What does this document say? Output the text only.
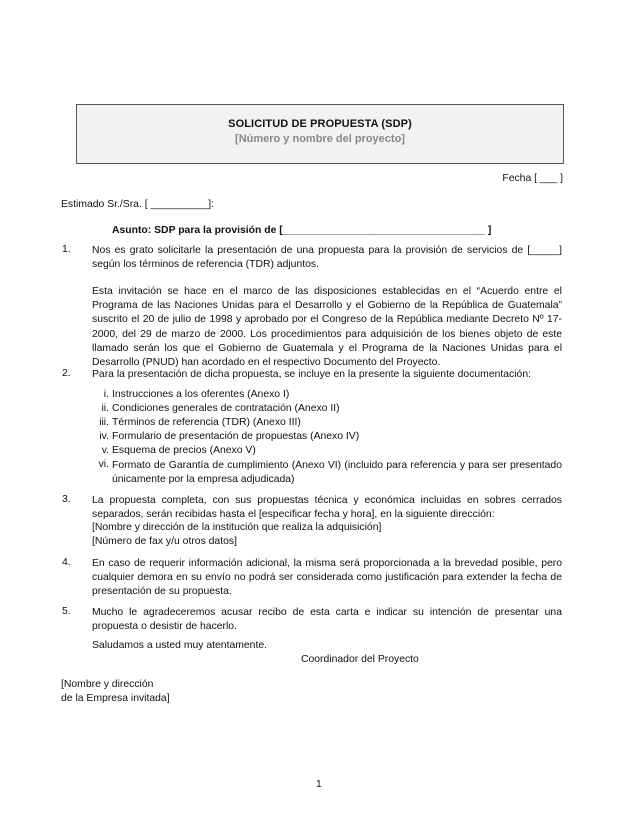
SOLICITUD DE PROPUESTA (SDP)
[Número y nombre del proyecto]
Fecha [ ___ ]
Estimado Sr./Sra. [ __________]:
Asunto: SDP para la provisión de [___________________________________ ]
1. Nos es grato solicitarle la presentación de una propuesta para la provisión de servicios de [_____] según los términos de referencia (TDR) adjuntos.
Esta invitación se hace en el marco de las disposiciones establecidas en el “Acuerdo entre el Programa de las Naciones Unidas para el Desarrollo y el Gobierno de la República de Guatemala” suscrito el 20 de julio de 1998 y aprobado por el Congreso de la República mediante Decreto Nº 17-2000, del 29 de marzo de 2000. Los procedimientos para adquisición de los bienes objeto de este llamado serán los que el Gobierno de Guatemala y el Programa de la Naciones Unidas para el Desarrollo (PNUD) han acordado en el respectivo Documento del Proyecto.
2. Para la presentación de dicha propuesta, se incluye en la presente la siguiente documentación:
i. Instrucciones a los oferentes (Anexo I)
ii. Condiciones generales de contratación (Anexo II)
iii. Términos de referencia (TDR) (Anexo III)
iv. Formulario de presentación de propuestas (Anexo IV)
v. Esquema de precios (Anexo V)
vi. Formato de Garantía de cumplimiento (Anexo VI) (incluido para referencia y para ser presentado únicamente por la empresa adjudicada)
3. La propuesta completa, con sus propuestas técnica y económica incluidas en sobres cerrados separados, serán recibidas hasta el [especificar fecha y hora], en la siguiente dirección:
[Nombre y dirección de la institución que realiza la adquisición]
[Número de fax y/u otros datos]
4. En caso de requerir información adicional, la misma será proporcionada a la brevedad posible, pero cualquier demora en su envío no podrá ser considerada como justificación para extender la fecha de presentación de su propuesta.
5. Mucho le agradeceremos acusar recibo de esta carta e indicar su intención de presentar una propuesta o desistir de hacerlo.
Saludamos a usted muy atentamente.
Coordinador del Proyecto
[Nombre y dirección
de la Empresa invitada]
1
